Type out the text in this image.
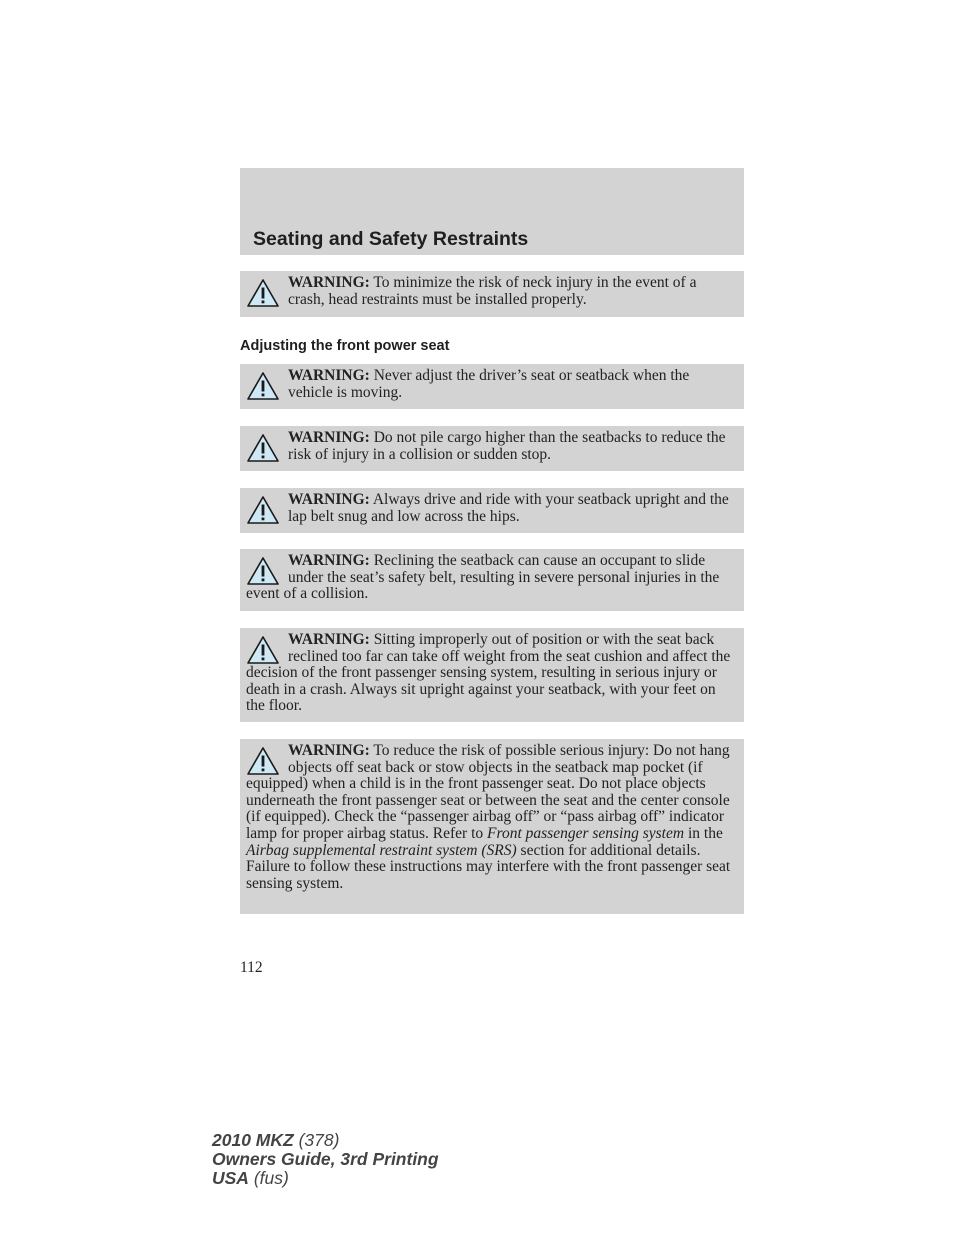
Seating and Safety Restraints

WARNING: To minimize the risk of neck injury in the event of a crash, head restraints must be installed properly.

Adjusting the front power seat

WARNING: Never adjust the driver’s seat or seatback when the vehicle is moving.

WARNING: Do not pile cargo higher than the seatbacks to reduce the risk of injury in a collision or sudden stop.

WARNING: Always drive and ride with your seatback upright and the lap belt snug and low across the hips.

WARNING: Reclining the seatback can cause an occupant to slide under the seat’s safety belt, resulting in severe personal injuries in the event of a collision.

WARNING: Sitting improperly out of position or with the seat back reclined too far can take off weight from the seat cushion and affect the decision of the front passenger sensing system, resulting in serious injury or death in a crash. Always sit upright against your seatback, with your feet on the floor.

WARNING: To reduce the risk of possible serious injury: Do not hang objects off seat back or stow objects in the seatback map pocket (if equipped) when a child is in the front passenger seat. Do not place objects underneath the front passenger seat or between the seat and the center console (if equipped). Check the “passenger airbag off” or “pass airbag off” indicator lamp for proper airbag status. Refer to Front passenger sensing system in the Airbag supplemental restraint system (SRS) section for additional details. Failure to follow these instructions may interfere with the front passenger seat sensing system.

112

2010 MKZ (378)
Owners Guide, 3rd Printing
USA (fus)
